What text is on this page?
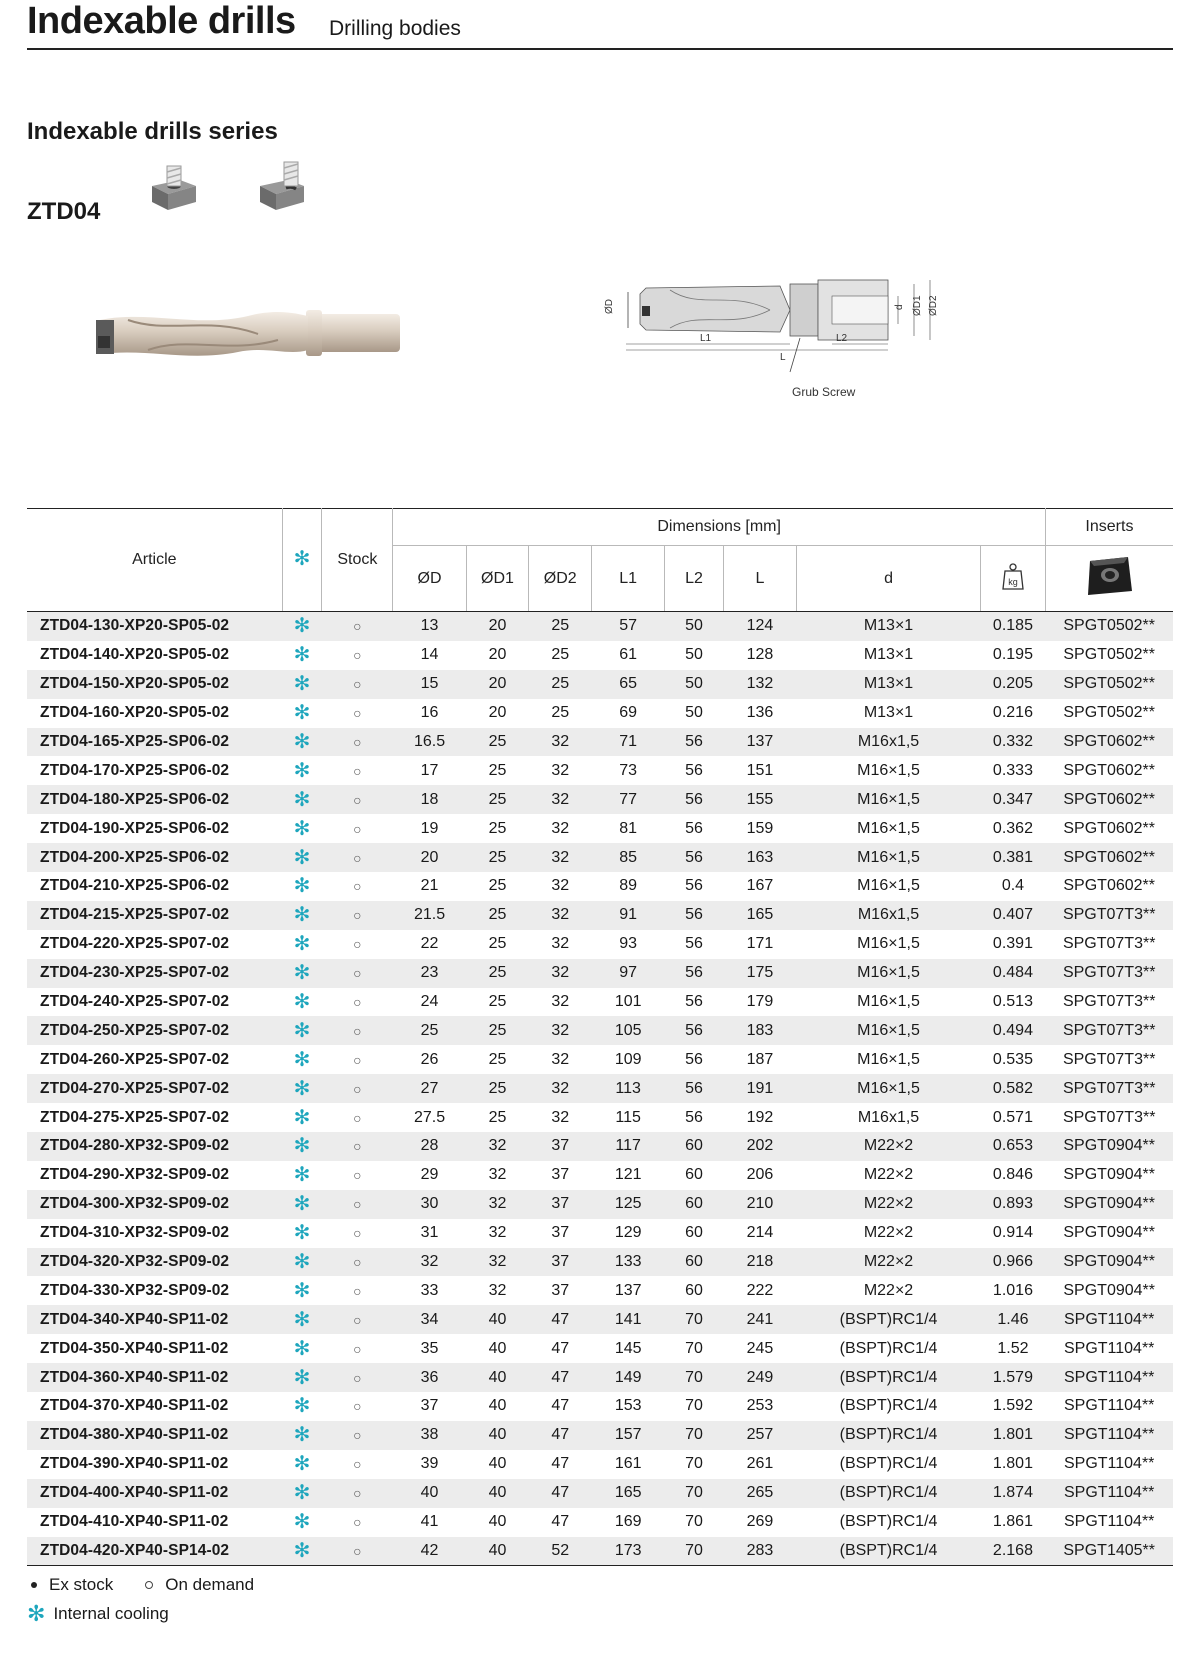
Indexable drills Drilling bodies
Indexable drills series
ZTD04
L1	L2
L
ØD	d ØD1 ØD2
Grub Screw
Article	✻	Stock	Dimensions [mm]								Inserts
			ØD	ØD1	ØD2	L1	L2	L	d	kg

ZTD04-130-XP20-SP05-02	✻	○	13	20	25	57	50	124	M13×1	0.185	SPGT0502**
ZTD04-140-XP20-SP05-02	✻	○	14	20	25	61	50	128	M13×1	0.195	SPGT0502**
ZTD04-150-XP20-SP05-02	✻	○	15	20	25	65	50	132	M13×1	0.205	SPGT0502**
ZTD04-160-XP20-SP05-02	✻	○	16	20	25	69	50	136	M13×1	0.216	SPGT0502**
ZTD04-165-XP25-SP06-02	✻	○	16.5	25	32	71	56	137	M16x1,5	0.332	SPGT0602**
ZTD04-170-XP25-SP06-02	✻	○	17	25	32	73	56	151	M16×1,5	0.333	SPGT0602**
ZTD04-180-XP25-SP06-02	✻	○	18	25	32	77	56	155	M16×1,5	0.347	SPGT0602**
ZTD04-190-XP25-SP06-02	✻	○	19	25	32	81	56	159	M16×1,5	0.362	SPGT0602**
ZTD04-200-XP25-SP06-02	✻	○	20	25	32	85	56	163	M16×1,5	0.381	SPGT0602**
ZTD04-210-XP25-SP06-02	✻	○	21	25	32	89	56	167	M16×1,5	0.4	SPGT0602**
ZTD04-215-XP25-SP07-02	✻	○	21.5	25	32	91	56	165	M16x1,5	0.407	SPGT07T3**
ZTD04-220-XP25-SP07-02	✻	○	22	25	32	93	56	171	M16×1,5	0.391	SPGT07T3**
ZTD04-230-XP25-SP07-02	✻	○	23	25	32	97	56	175	M16×1,5	0.484	SPGT07T3**
ZTD04-240-XP25-SP07-02	✻	○	24	25	32	101	56	179	M16×1,5	0.513	SPGT07T3**
ZTD04-250-XP25-SP07-02	✻	○	25	25	32	105	56	183	M16×1,5	0.494	SPGT07T3**
ZTD04-260-XP25-SP07-02	✻	○	26	25	32	109	56	187	M16×1,5	0.535	SPGT07T3**
ZTD04-270-XP25-SP07-02	✻	○	27	25	32	113	56	191	M16×1,5	0.582	SPGT07T3**
ZTD04-275-XP25-SP07-02	✻	○	27.5	25	32	115	56	192	M16x1,5	0.571	SPGT07T3**
ZTD04-280-XP32-SP09-02	✻	○	28	32	37	117	60	202	M22×2	0.653	SPGT0904**
ZTD04-290-XP32-SP09-02	✻	○	29	32	37	121	60	206	M22×2	0.846	SPGT0904**
ZTD04-300-XP32-SP09-02	✻	○	30	32	37	125	60	210	M22×2	0.893	SPGT0904**
ZTD04-310-XP32-SP09-02	✻	○	31	32	37	129	60	214	M22×2	0.914	SPGT0904**
ZTD04-320-XP32-SP09-02	✻	○	32	32	37	133	60	218	M22×2	0.966	SPGT0904**
ZTD04-330-XP32-SP09-02	✻	○	33	32	37	137	60	222	M22×2	1.016	SPGT0904**
ZTD04-340-XP40-SP11-02	✻	○	34	40	47	141	70	241	(BSPT)RC1/4	1.46	SPGT1104**
ZTD04-350-XP40-SP11-02	✻	○	35	40	47	145	70	245	(BSPT)RC1/4	1.52	SPGT1104**
ZTD04-360-XP40-SP11-02	✻	○	36	40	47	149	70	249	(BSPT)RC1/4	1.579	SPGT1104**
ZTD04-370-XP40-SP11-02	✻	○	37	40	47	153	70	253	(BSPT)RC1/4	1.592	SPGT1104**
ZTD04-380-XP40-SP11-02	✻	○	38	40	47	157	70	257	(BSPT)RC1/4	1.801	SPGT1104**
ZTD04-390-XP40-SP11-02	✻	○	39	40	47	161	70	261	(BSPT)RC1/4	1.801	SPGT1104**
ZTD04-400-XP40-SP11-02	✻	○	40	40	47	165	70	265	(BSPT)RC1/4	1.874	SPGT1104**
ZTD04-410-XP40-SP11-02	✻	○	41	40	47	169	70	269	(BSPT)RC1/4	1.861	SPGT1104**
ZTD04-420-XP40-SP14-02	✻	○	42	40	52	173	70	283	(BSPT)RC1/4	2.168	SPGT1405**
Ex stock	On demand
✻ Internal cooling
